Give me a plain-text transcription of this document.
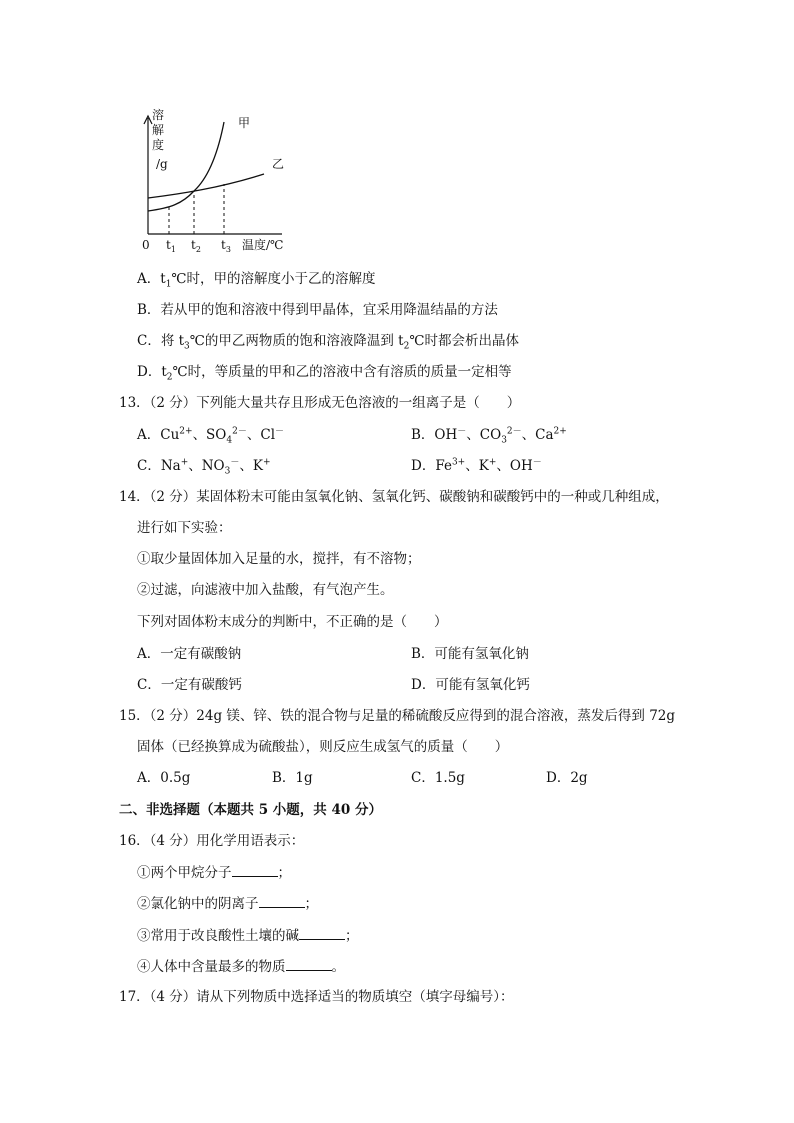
溶
解
度
/g
甲
乙
0 $t_1$ $t_2$ $t_3$ 温度/℃
A．$t_1℃$时，甲的溶解度小于乙的溶解度
B．若从甲的饱和溶液中得到甲晶体，宜采用降温结晶的方法
C．将 $t_3℃$的甲乙两物质的饱和溶液降温到 $t_2℃$时都会析出晶体
D．$t_2℃$时，等质量的甲和乙的溶液中含有溶质的质量一定相等
13．（2 分）下列能大量共存且形成无色溶液的一组离子是（　　）
A．$Cu^{2+}$、$SO_4^{2-}$、Cl－	B．OH－、$CO_3^{2-}$、$Ca^{2+}$
C．Na+、$NO_3^-$、K+	D．$Fe^{3+}$、K+、OH－
14．（2 分）某固体粉末可能由氢氧化钠、氢氧化钙、碳酸钠和碳酸钙中的一种或几种组成，
进行如下实验：
①取少量固体加入足量的水，搅拌，有不溶物；
②过滤，向滤液中加入盐酸，有气泡产生。
下列对固体粉末成分的判断中，不正确的是（　　）
A．一定有碳酸钠	B．可能有氢氧化钠
C．一定有碳酸钙	D．可能有氢氧化钙
15．（2 分）24g 镁、锌、铁的混合物与足量的稀硫酸反应得到的混合溶液，蒸发后得到 72g
固体（已经换算成为硫酸盐），则反应生成氢气的质量（　　）
A．0.5g	B．1g	C．1.5g	D．2g
二、非选择题（本题共 5 小题，共 40 分）
16．（4 分）用化学用语表示：
①两个甲烷分子	；
②氯化钠中的阴离子	；
③常用于改良酸性土壤的碱	；
④人体中含量最多的物质	。
17．（4 分）请从下列物质中选择适当的物质填空（填字母编号）：
